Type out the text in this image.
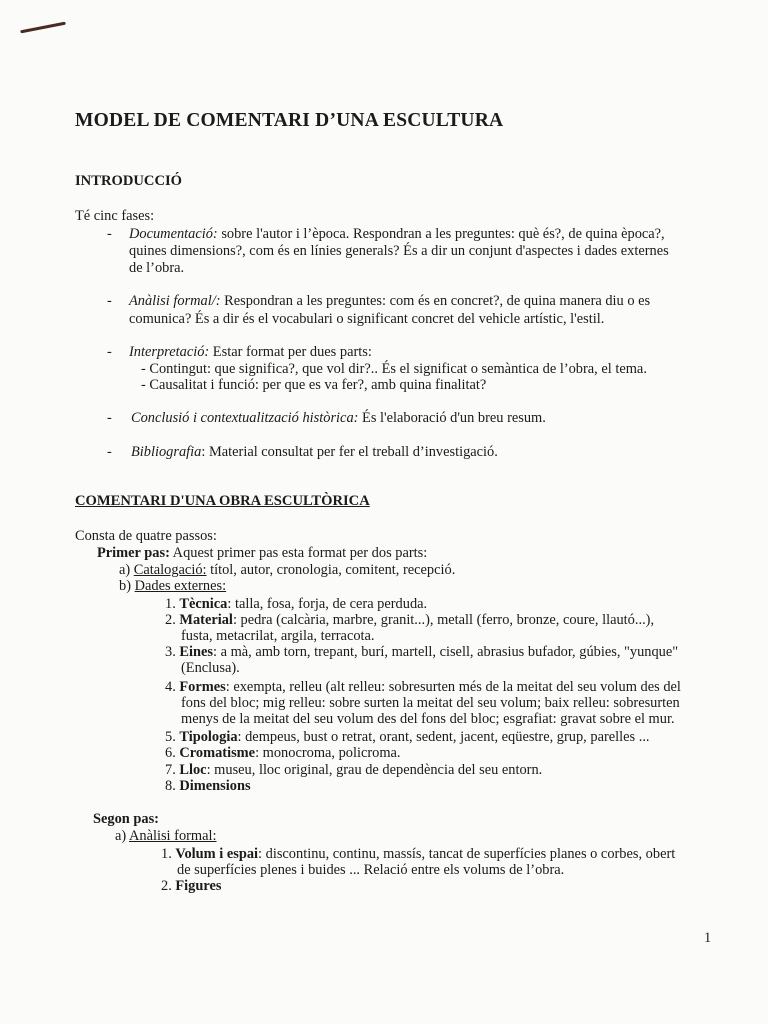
MODEL DE COMENTARI D’UNA ESCULTURA
INTRODUCCIÓ
Té cinc fases:
- Documentació: sobre l'autor i l’època. Respondran a les preguntes: què és?, de quina època?,
quines dimensions?, com és en línies generals? És a dir un conjunt d'aspectes i dades externes
de l’obra.
- Anàlisi formal/: Respondran a les preguntes: com és en concret?, de quina manera diu o es
comunica? És a dir és el vocabulari o significant concret del vehicle artístic, l'estil.
- Interpretació: Estar format per dues parts:
- Contingut: que significa?, que vol dir?.. És el significat o semàntica de l’obra, el tema.
- Causalitat i funció: per que es va fer?, amb quina finalitat?
- Conclusió i contextualització històrica: És l'elaboració d'un breu resum.
- Bibliografia: Material consultat per fer el treball d’investigació.
COMENTARI D'UNA OBRA ESCULTÒRICA
Consta de quatre passos:
Primer pas: Aquest primer pas esta format per dos parts:
a) Catalogació: títol, autor, cronologia, comitent, recepció.
b) Dades externes:
1. Tècnica: talla, fosa, forja, de cera perduda.
2. Material: pedra (calcària, marbre, granit...), metall (ferro, bronze, coure, llautó...),
fusta, metacrilat, argila, terracota.
3. Eines: a mà, amb torn, trepant, burí, martell, cisell, abrasius bufador, gúbies, "yunque"
(Enclusa).
4. Formes: exempta, relleu (alt relleu: sobresurten més de la meitat del seu volum des del
fons del bloc; mig relleu: sobre surten la meitat del seu volum; baix relleu: sobresurten
menys de la meitat del seu volum des del fons del bloc; esgrafiat: gravat sobre el mur.
5. Tipologia: dempeus, bust o retrat, orant, sedent, jacent, eqüestre, grup, parelles ...
6. Cromatisme: monocroma, policroma.
7. Lloc: museu, lloc original, grau de dependència del seu entorn.
8. Dimensions
Segon pas:
a) Anàlisi formal:
1. Volum i espai: discontinu, continu, massís, tancat de superfícies planes o corbes, obert
de superfícies plenes i buides ... Relació entre els volums de l’obra.
2. Figures
1
